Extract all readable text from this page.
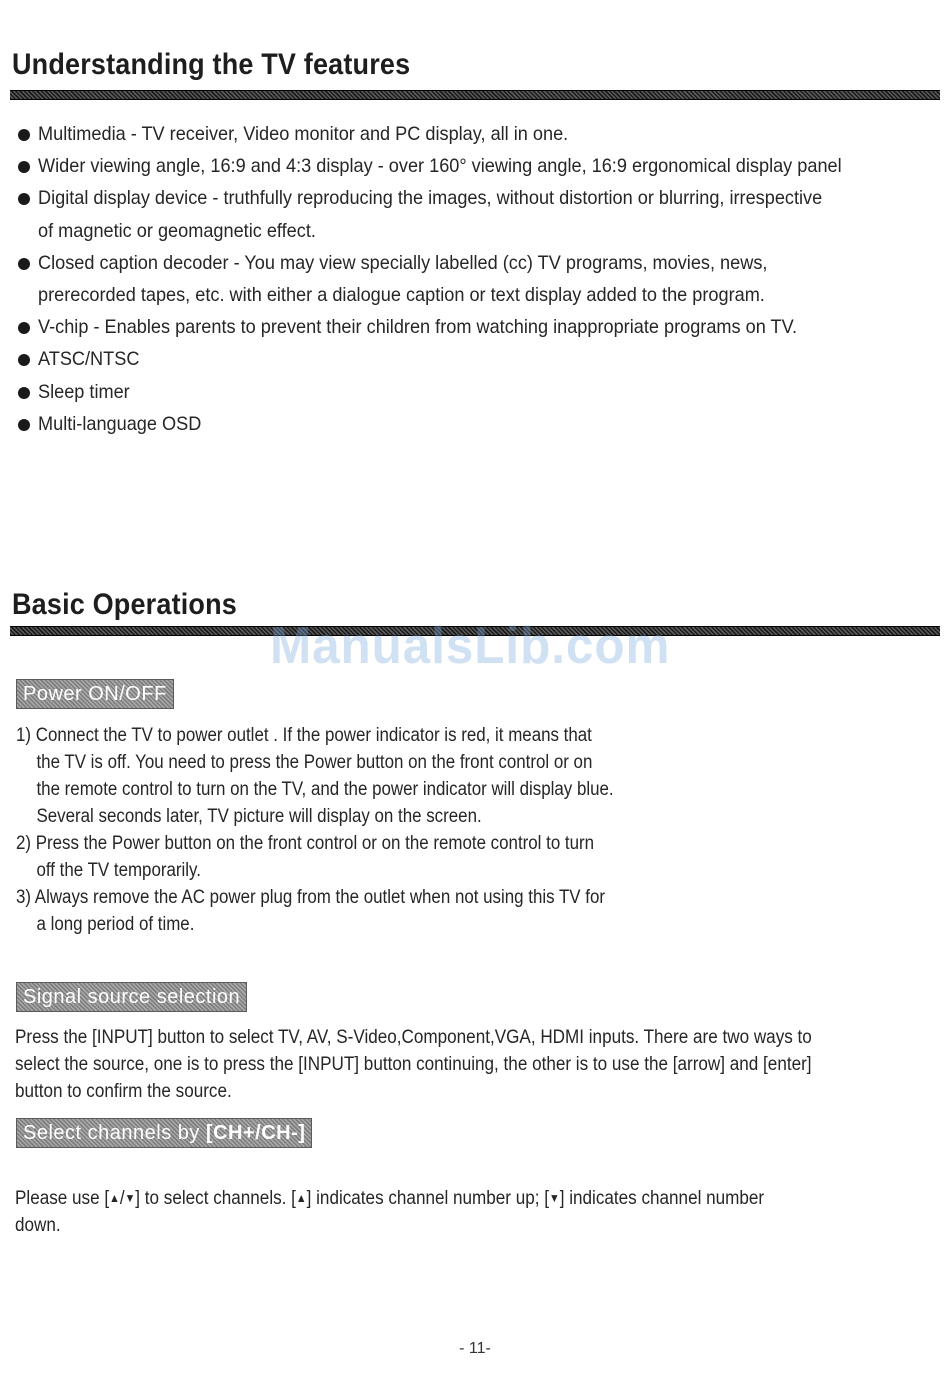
Understanding the TV features
Multimedia - TV receiver, Video monitor and PC display, all in one.
Wider viewing angle, 16:9 and 4:3 display - over 160° viewing angle, 16:9 ergonomical display panel
Digital display device - truthfully reproducing the images, without distortion or blurring, irrespective
of magnetic or geomagnetic effect.
Closed caption decoder - You may view specially labelled (cc) TV programs, movies, news,
prerecorded tapes, etc. with either a dialogue caption or text display added to the program.
V-chip - Enables parents to prevent their children from watching inappropriate programs on TV.
ATSC/NTSC
Sleep timer
Multi-language OSD
Basic Operations
ManualsLib.com
Power ON/OFF
1) Connect the TV to power outlet . If the power indicator is red, it means that
the TV is off. You need to press the Power button on the front control or on
the remote control to turn on the TV, and the power indicator will display blue.
Several seconds later, TV picture will display on the screen.
2) Press the Power button on the front control or on the remote control to turn
off the TV temporarily.
3) Always remove the AC power plug from the outlet when not using this TV for
a long period of time.
Signal source selection
Press the [INPUT] button to select TV, AV, S-Video,Component,VGA, HDMI inputs. There are two ways to
select the source, one is to press the [INPUT] button continuing, the other is to use the [arrow] and [enter]
button to confirm the source.
Select channels by [CH+/CH-]
Please use [▲/▼] to select channels. [▲] indicates channel number up; [▼] indicates channel number
down.
- 11-
